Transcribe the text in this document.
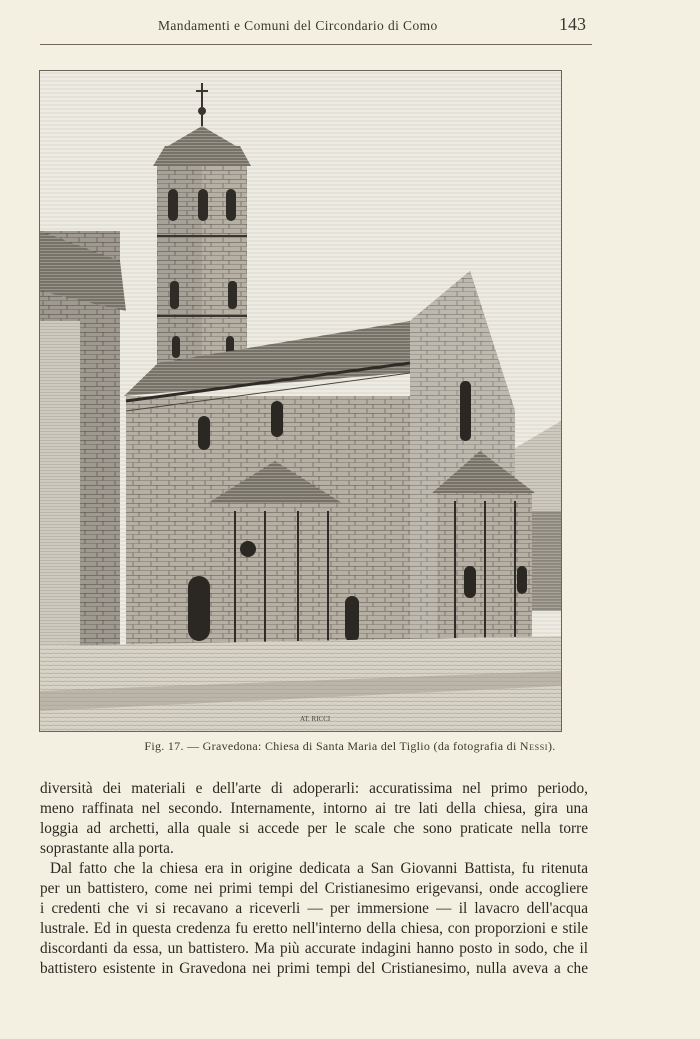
Mandamenti e Comuni del Circondario di Como	143
AT. RICCI
Fig. 17. — Gravedona: Chiesa di Santa Maria del Tiglio (da fotografia di Nessi).

diversità dei materiali e dell'arte di adoperarli: accuratissima nel primo periodo,
meno raffinata nel secondo. Internamente, intorno ai tre lati della chiesa, gira una
loggia ad archetti, alla quale si accede per le scale che sono praticate nella torre
soprastante alla porta.

Dal fatto che la chiesa era in origine dedicata a San Giovanni Battista, fu ritenuta
per un battistero, come nei primi tempi del Cristianesimo erigevansi, onde accogliere
i credenti che vi si recavano a riceverli — per immersione — il lavacro dell'acqua
lustrale. Ed in questa credenza fu eretto nell'interno della chiesa, con proporzioni e stile
discordanti da essa, un battistero. Ma più accurate indagini hanno posto in sodo, che il
battistero esistente in Gravedona nei primi tempi del Cristianesimo, nulla aveva a che
